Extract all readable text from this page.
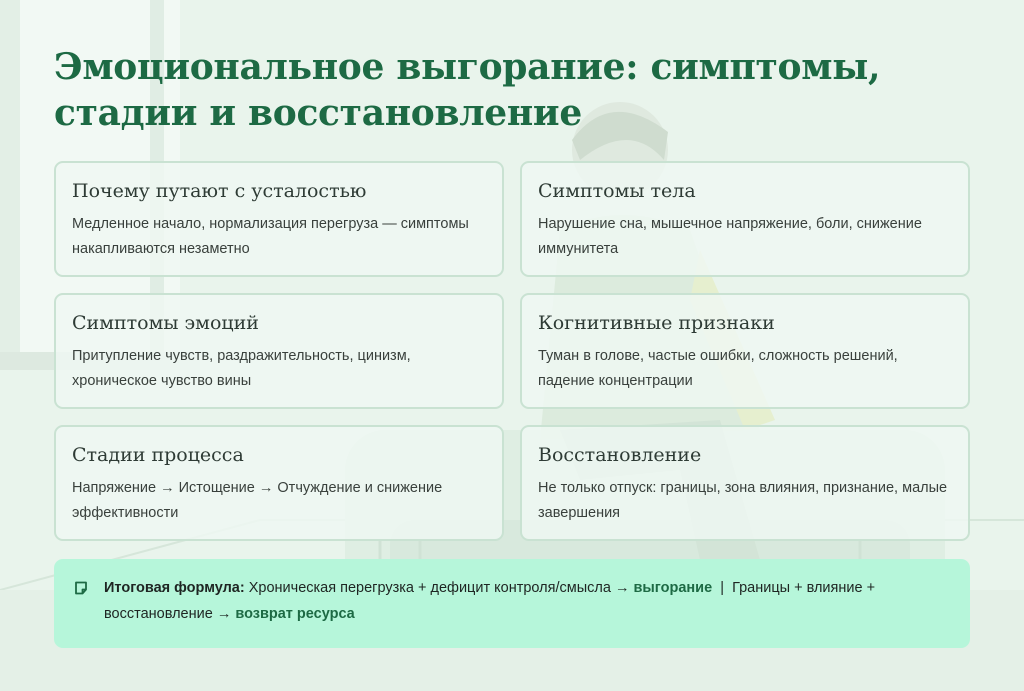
Эмоциональное выгорание: симптомы, стадии и восстановление

Почему путают с усталостью

Медленное начало, нормализация перегруза — симптомы накапливаются незаметно

Симптомы тела

Нарушение сна, мышечное напряжение, боли, снижение иммунитета

Симптомы эмоций

Притупление чувств, раздражительность, цинизм, хроническое чувство вины

Когнитивные признаки

Туман в голове, частые ошибки, сложность решений, падение концентрации

Стадии процесса

Напряжение → Истощение → Отчуждение и снижение эффективности

Восстановление

Не только отпуск: границы, зона влияния, признание, малые завершения

Итоговая формула: Хроническая перегрузка + дефицит контроля/смысла → выгорание | Границы + влияние + восстановление → возврат ресурса
